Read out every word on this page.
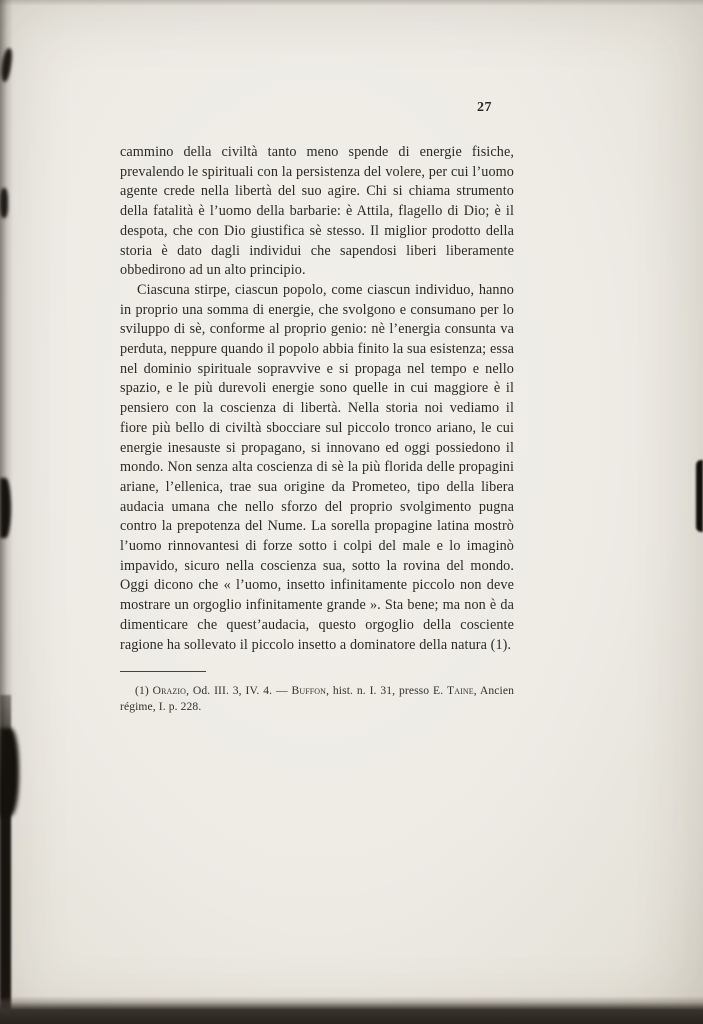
27

cammino della civiltà tanto meno spende di energie fisiche, prevalendo le spirituali con la persistenza del volere, per cui l’uomo agente crede nella libertà del suo agire. Chi si chiama strumento della fatalità è l’uomo della barbarie: è Attila, flagello di Dio; è il despota, che con Dio giustifica sè stesso. Il miglior prodotto della storia è dato dagli individui che sapendosi liberi liberamente obbedirono ad un alto principio.

Ciascuna stirpe, ciascun popolo, come ciascun individuo, hanno in proprio una somma di energie, che svolgono e consumano per lo sviluppo di sè, conforme al proprio genio: nè l’energia consunta va perduta, neppure quando il popolo abbia finito la sua esistenza; essa nel dominio spirituale sopravvive e si propaga nel tempo e nello spazio, e le più durevoli energie sono quelle in cui maggiore è il pensiero con la coscienza di libertà. Nella storia noi vediamo il fiore più bello di civiltà sbocciare sul piccolo tronco ariano, le cui energie inesauste si propagano, si innovano ed oggi possiedono il mondo. Non senza alta coscienza di sè la più florida delle propagini ariane, l’ellenica, trae sua origine da Prometeo, tipo della libera audacia umana che nello sforzo del proprio svolgimento pugna contro la prepotenza del Nume. La sorella propagine latina mostrò l’uomo rinnovantesi di forze sotto i colpi del male e lo imaginò impavido, sicuro nella coscienza sua, sotto la rovina del mondo. Oggi dicono che « l’uomo, insetto infinitamente piccolo non deve mostrare un orgoglio infinitamente grande ». Sta bene; ma non è da dimenticare che quest’audacia, questo orgoglio della cosciente ragione ha sollevato il piccolo insetto a dominatore della natura (1).

(1) Orazio, Od. III. 3, IV. 4. — Buffon, hist. n. I. 31, presso E. Taine, Ancien régime, I. p. 228.
